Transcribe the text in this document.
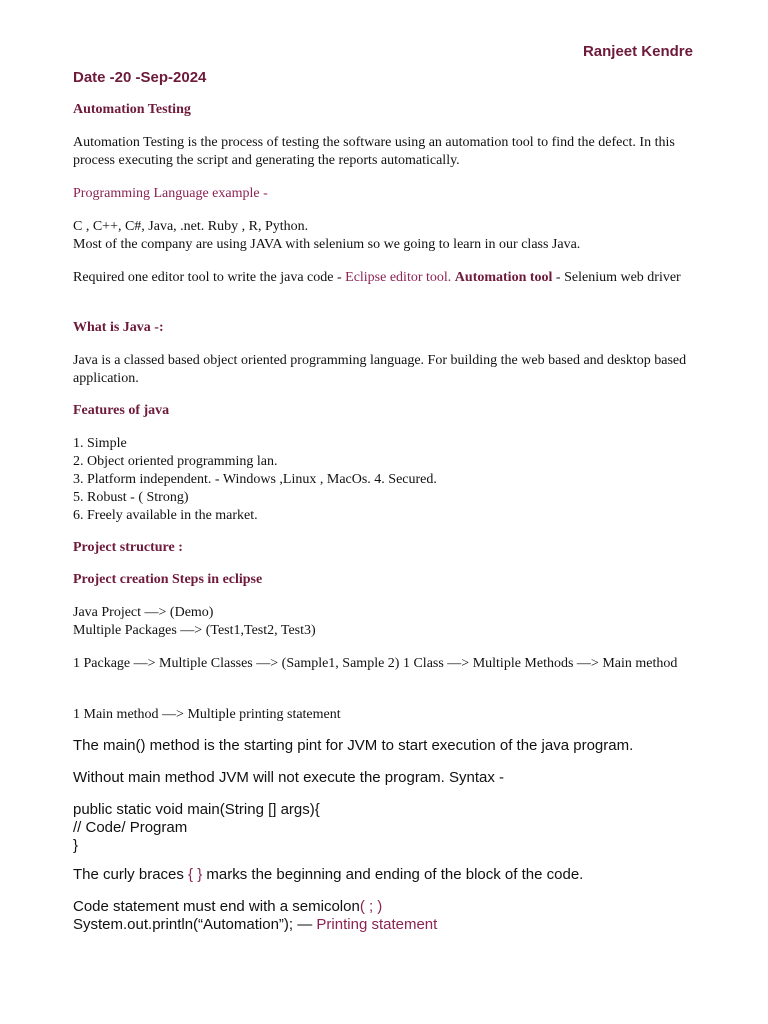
Ranjeet Kendre
Date -20 -Sep-2024
Automation Testing
Automation Testing is the process of testing the software using an automation tool to find the defect. In this process executing the script and generating the reports automatically.
Programming Language example -
C , C++, C#, Java, .net. Ruby , R, Python.
Most of the company are using JAVA with selenium so we going to learn in our class Java.
Required one editor tool to write the java code - Eclipse editor tool. Automation tool - Selenium web driver
What is Java -:
Java is a classed based object oriented programming language. For building the web based and desktop based application.
Features of java
1. Simple
2. Object oriented programming lan.
3. Platform independent. - Windows ,Linux , MacOs. 4. Secured.
5. Robust - ( Strong)
6. Freely available in the market.
Project structure :
Project creation Steps in eclipse
Java Project —> (Demo)
Multiple Packages —> (Test1,Test2, Test3)
1 Package —> Multiple Classes —> (Sample1, Sample 2) 1 Class —> Multiple Methods —> Main method
1 Main method —> Multiple printing statement
The main() method is the starting pint for JVM to start execution of the java program.
Without main method JVM will not execute the program. Syntax -
public static void main(String [] args){
// Code/ Program
}
The curly braces { } marks the beginning and ending of the block of the code.
Code statement must end with a semicolon( ; )
System.out.println(“Automation”); — Printing statement
